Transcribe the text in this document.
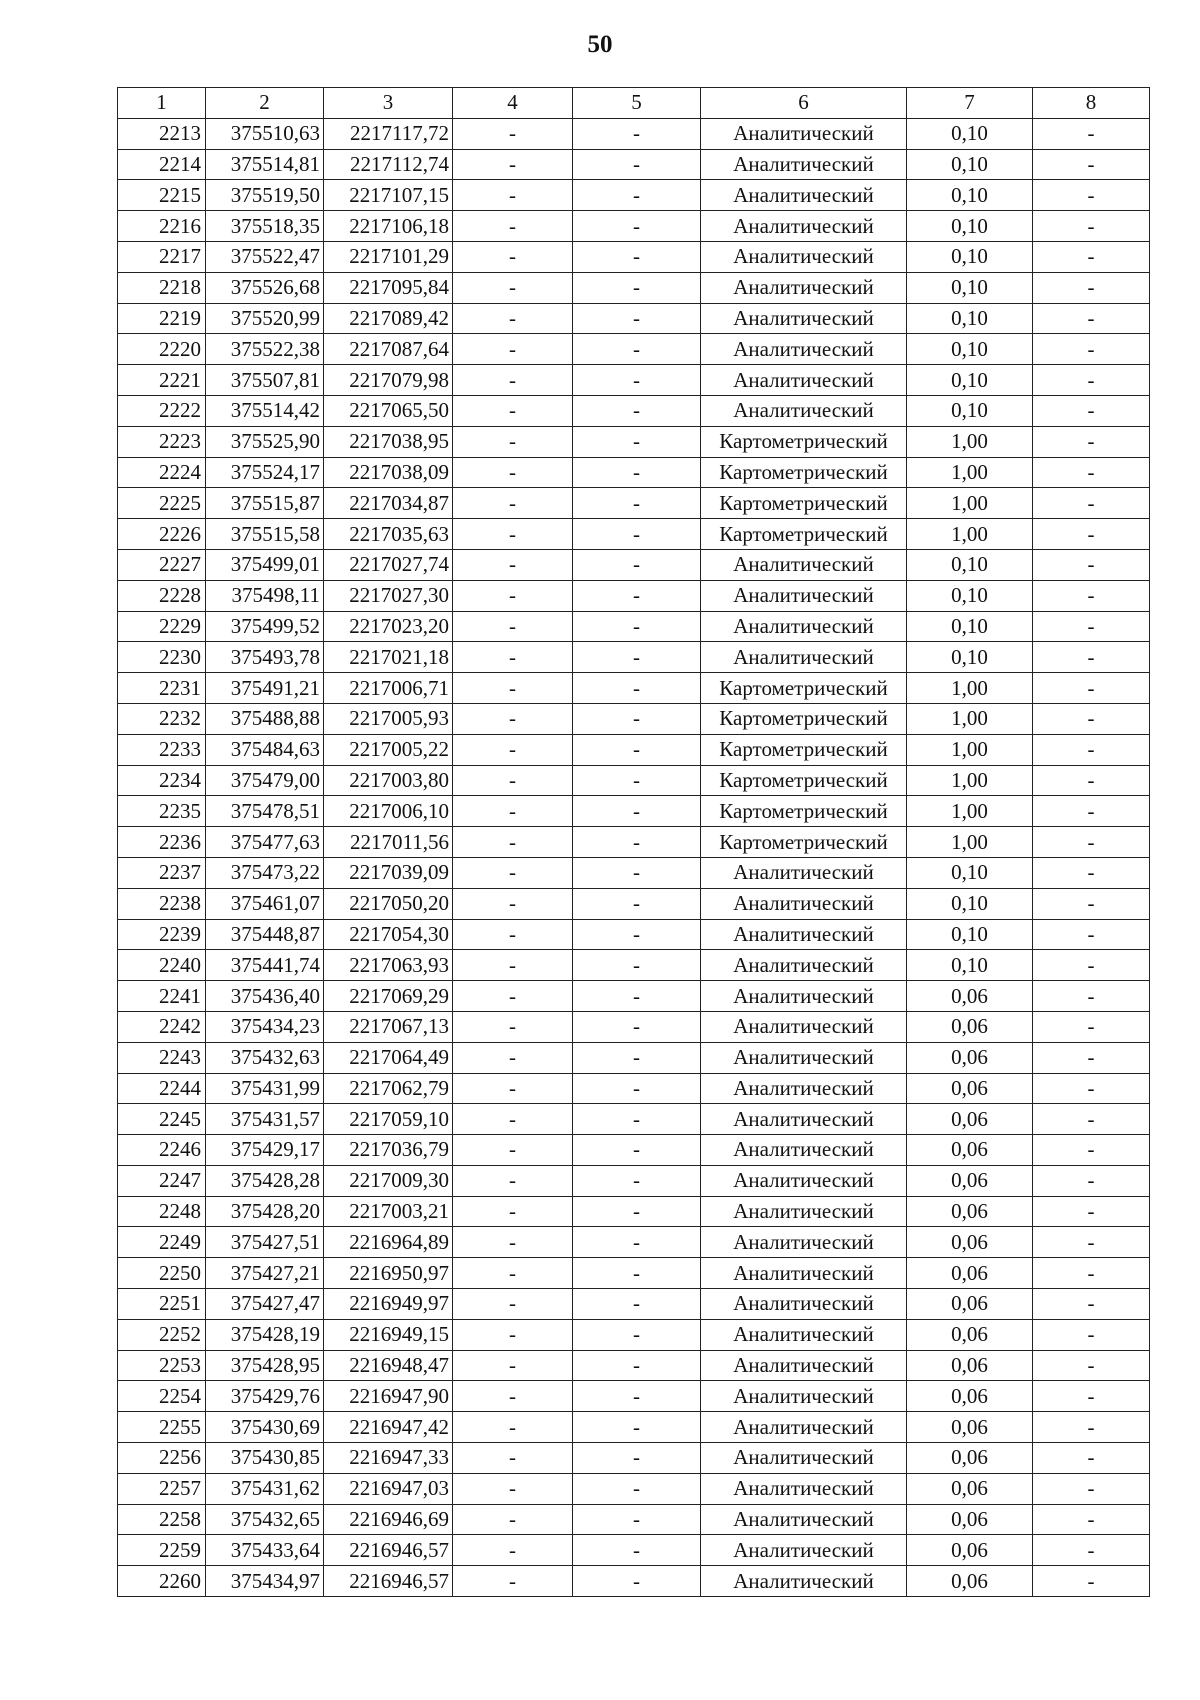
50
1	2	3	4	5	6	7	8
2213	375510,63	2217117,72	-	-	Аналитический	0,10	-
2214	375514,81	2217112,74	-	-	Аналитический	0,10	-
2215	375519,50	2217107,15	-	-	Аналитический	0,10	-
2216	375518,35	2217106,18	-	-	Аналитический	0,10	-
2217	375522,47	2217101,29	-	-	Аналитический	0,10	-
2218	375526,68	2217095,84	-	-	Аналитический	0,10	-
2219	375520,99	2217089,42	-	-	Аналитический	0,10	-
2220	375522,38	2217087,64	-	-	Аналитический	0,10	-
2221	375507,81	2217079,98	-	-	Аналитический	0,10	-
2222	375514,42	2217065,50	-	-	Аналитический	0,10	-
2223	375525,90	2217038,95	-	-	Картометрический	1,00	-
2224	375524,17	2217038,09	-	-	Картометрический	1,00	-
2225	375515,87	2217034,87	-	-	Картометрический	1,00	-
2226	375515,58	2217035,63	-	-	Картометрический	1,00	-
2227	375499,01	2217027,74	-	-	Аналитический	0,10	-
2228	375498,11	2217027,30	-	-	Аналитический	0,10	-
2229	375499,52	2217023,20	-	-	Аналитический	0,10	-
2230	375493,78	2217021,18	-	-	Аналитический	0,10	-
2231	375491,21	2217006,71	-	-	Картометрический	1,00	-
2232	375488,88	2217005,93	-	-	Картометрический	1,00	-
2233	375484,63	2217005,22	-	-	Картометрический	1,00	-
2234	375479,00	2217003,80	-	-	Картометрический	1,00	-
2235	375478,51	2217006,10	-	-	Картометрический	1,00	-
2236	375477,63	2217011,56	-	-	Картометрический	1,00	-
2237	375473,22	2217039,09	-	-	Аналитический	0,10	-
2238	375461,07	2217050,20	-	-	Аналитический	0,10	-
2239	375448,87	2217054,30	-	-	Аналитический	0,10	-
2240	375441,74	2217063,93	-	-	Аналитический	0,10	-
2241	375436,40	2217069,29	-	-	Аналитический	0,06	-
2242	375434,23	2217067,13	-	-	Аналитический	0,06	-
2243	375432,63	2217064,49	-	-	Аналитический	0,06	-
2244	375431,99	2217062,79	-	-	Аналитический	0,06	-
2245	375431,57	2217059,10	-	-	Аналитический	0,06	-
2246	375429,17	2217036,79	-	-	Аналитический	0,06	-
2247	375428,28	2217009,30	-	-	Аналитический	0,06	-
2248	375428,20	2217003,21	-	-	Аналитический	0,06	-
2249	375427,51	2216964,89	-	-	Аналитический	0,06	-
2250	375427,21	2216950,97	-	-	Аналитический	0,06	-
2251	375427,47	2216949,97	-	-	Аналитический	0,06	-
2252	375428,19	2216949,15	-	-	Аналитический	0,06	-
2253	375428,95	2216948,47	-	-	Аналитический	0,06	-
2254	375429,76	2216947,90	-	-	Аналитический	0,06	-
2255	375430,69	2216947,42	-	-	Аналитический	0,06	-
2256	375430,85	2216947,33	-	-	Аналитический	0,06	-
2257	375431,62	2216947,03	-	-	Аналитический	0,06	-
2258	375432,65	2216946,69	-	-	Аналитический	0,06	-
2259	375433,64	2216946,57	-	-	Аналитический	0,06	-
2260	375434,97	2216946,57	-	-	Аналитический	0,06	-
